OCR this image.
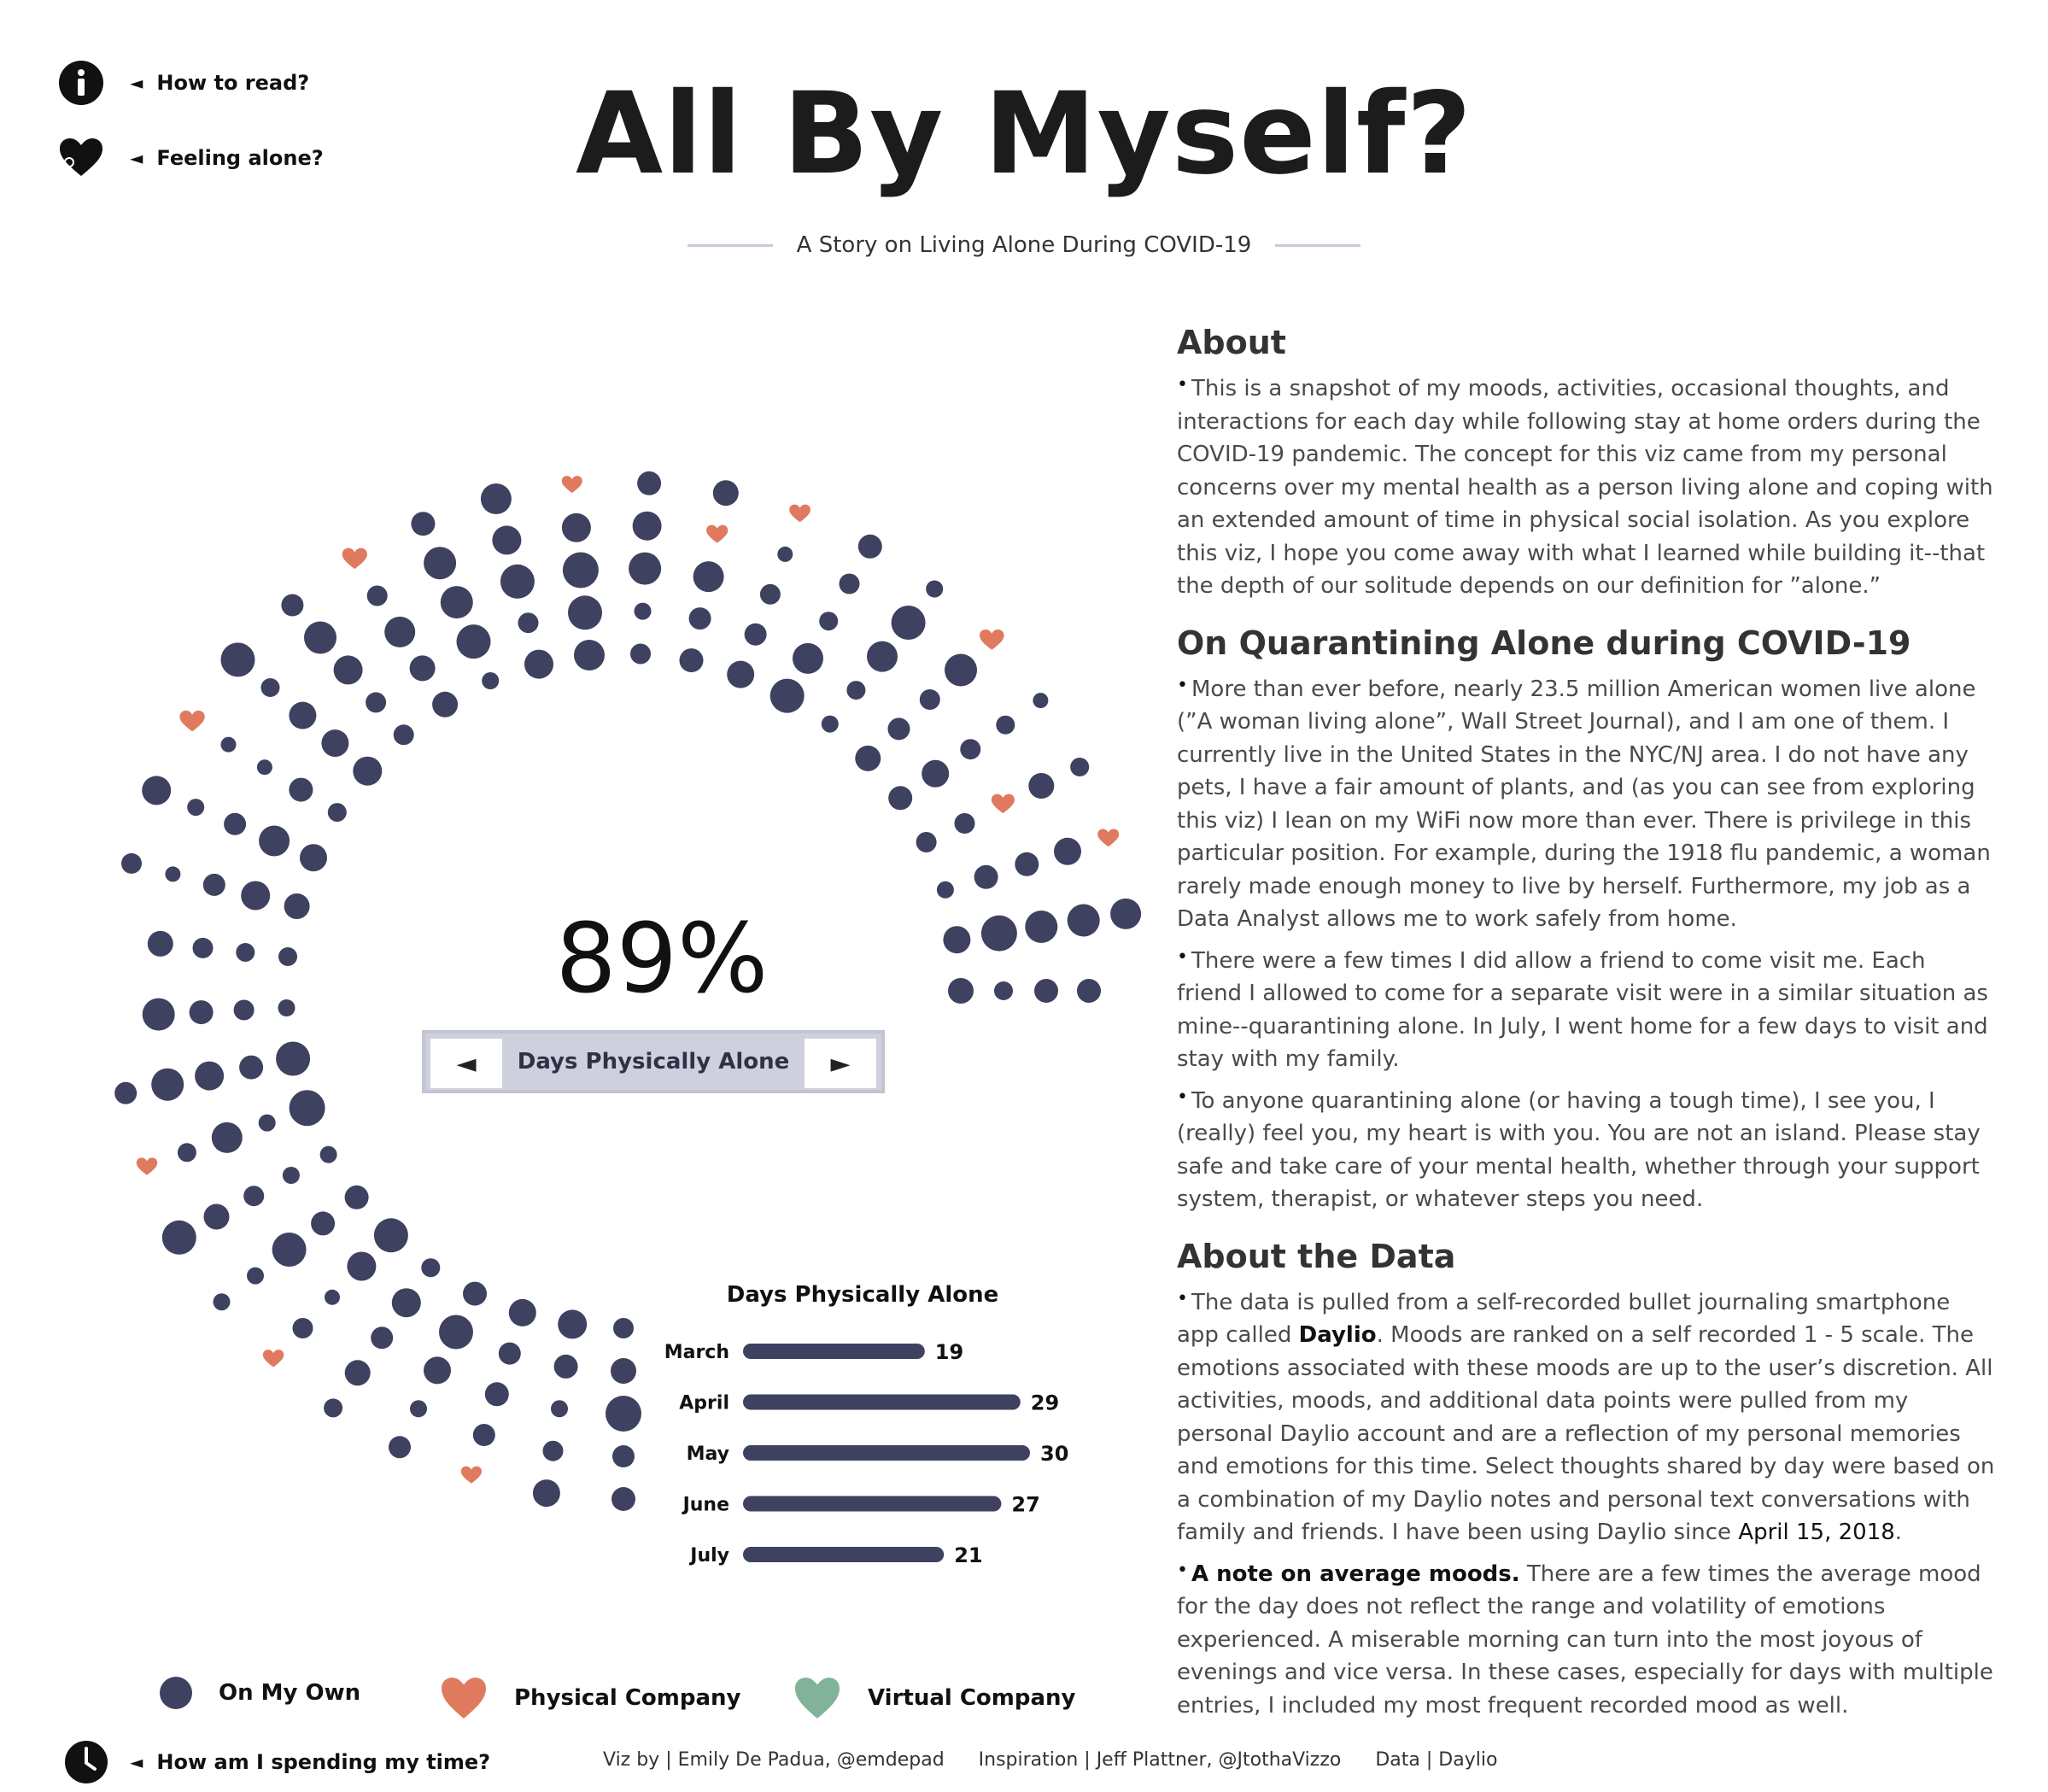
◄ How to read?
◄ Feeling alone?	All By Myself?
A Story on Living Alone During COVID-19
89%
◄	Days Physically Alone	►
Days Physically Alone
March	19
April	29
May	30
June	27
July	21
On My Own	Physical Company	Virtual Company
◄ How am I spending my time?
About

• This is a snapshot of my moods, activities, occasional thoughts, and interactions for each day while following stay at home orders during the COVID-19 pandemic. The concept for this viz came from my personal concerns over my mental health as a person living alone and coping with an extended amount of time in physical social isolation. As you explore this viz, I hope you come away with what I learned while building it--that the depth of our solitude depends on our definition for ”alone.”

On Quarantining Alone during COVID-19

• More than ever before, nearly 23.5 million American women live alone (”A woman living alone”, Wall Street Journal), and I am one of them. I currently live in the United States in the NYC/NJ area. I do not have any pets, I have a fair amount of plants, and (as you can see from exploring this viz) I lean on my WiFi now more than ever. There is privilege in this particular position. For example, during the 1918 flu pandemic, a woman rarely made enough money to live by herself. Furthermore, my job as a Data Analyst allows me to work safely from home.

• There were a few times I did allow a friend to come visit me. Each friend I allowed to come for a separate visit were in a similar situation as mine--quarantining alone. In July, I went home for a few days to visit and stay with my family.

• To anyone quarantining alone (or having a tough time), I see you, I (really) feel you, my heart is with you. You are not an island. Please stay safe and take care of your mental health, whether through your support system, therapist, or whatever steps you need.

About the Data

• The data is pulled from a self-recorded bullet journaling smartphone app called Daylio. Moods are ranked on a self recorded 1 - 5 scale. The emotions associated with these moods are up to the user’s discretion. All activities, moods, and additional data points were pulled from my personal Daylio account and are a reflection of my personal memories and emotions for this time. Select thoughts shared by day were based on a combination of my Daylio notes and personal text conversations with family and friends. I have been using Daylio since April 15, 2018.

• A note on average moods. There are a few times the average mood for the day does not reflect the range and volatility of emotions experienced. A miserable morning can turn into the most joyous of evenings and vice versa. In these cases, especially for days with multiple entries, I included my most frequent recorded mood as well.

Viz by | Emily De Padua, @emdepad Inspiration | Jeff Plattner, @JtothaVizzo Data | Daylio
